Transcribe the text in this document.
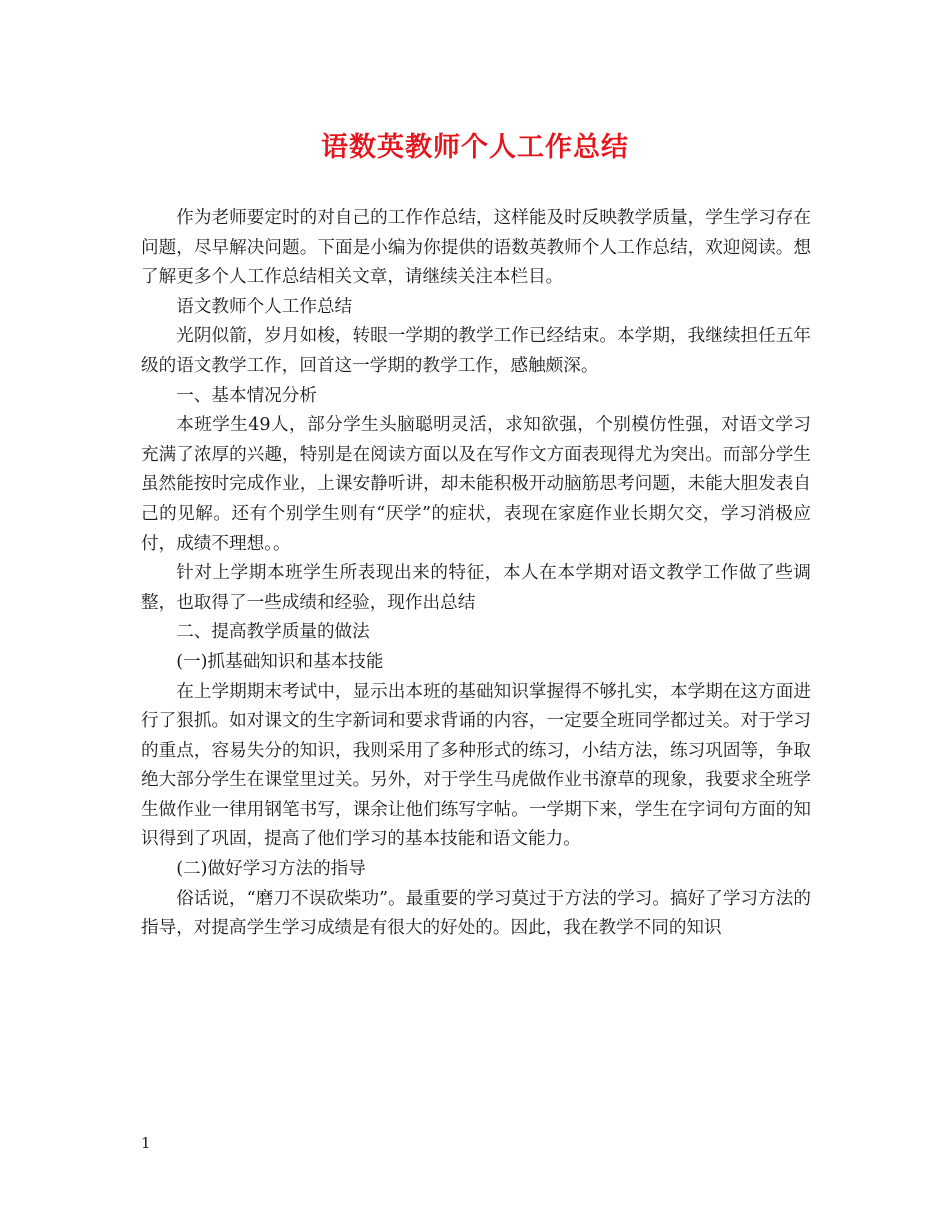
语数英教师个人工作总结

作为老师要定时的对自己的工作作总结，这样能及时反映教学质量，学生学习存在问题，尽早解决问题。下面是小编为你提供的语数英教师个人工作总结，欢迎阅读。想了解更多个人工作总结相关文章，请继续关注本栏目。

语文教师个人工作总结

光阴似箭，岁月如梭，转眼一学期的教学工作已经结束。本学期，我继续担任五年级的语文教学工作，回首这一学期的教学工作，感触颇深。

一、基本情况分析

本班学生49人，部分学生头脑聪明灵活，求知欲强，个别模仿性强，对语文学习充满了浓厚的兴趣，特别是在阅读方面以及在写作文方面表现得尤为突出。而部分学生虽然能按时完成作业，上课安静听讲，却未能积极开动脑筋思考问题，未能大胆发表自己的见解。还有个别学生则有“厌学”的症状，表现在家庭作业长期欠交，学习消极应付，成绩不理想。。

针对上学期本班学生所表现出来的特征，本人在本学期对语文教学工作做了些调整，也取得了一些成绩和经验，现作出总结

二、提高教学质量的做法

(一)抓基础知识和基本技能

在上学期期末考试中，显示出本班的基础知识掌握得不够扎实，本学期在这方面进行了狠抓。如对课文的生字新词和要求背诵的内容，一定要全班同学都过关。对于学习的重点，容易失分的知识，我则采用了多种形式的练习，小结方法，练习巩固等，争取绝大部分学生在课堂里过关。另外，对于学生马虎做作业书潦草的现象，我要求全班学生做作业一律用钢笔书写，课余让他们练写字帖。一学期下来，学生在字词句方面的知识得到了巩固，提高了他们学习的基本技能和语文能力。

(二)做好学习方法的指导

俗话说，“磨刀不误砍柴功”。最重要的学习莫过于方法的学习。搞好了学习方法的指导，对提高学生学习成绩是有很大的好处的。因此，我在教学不同的知识

1
